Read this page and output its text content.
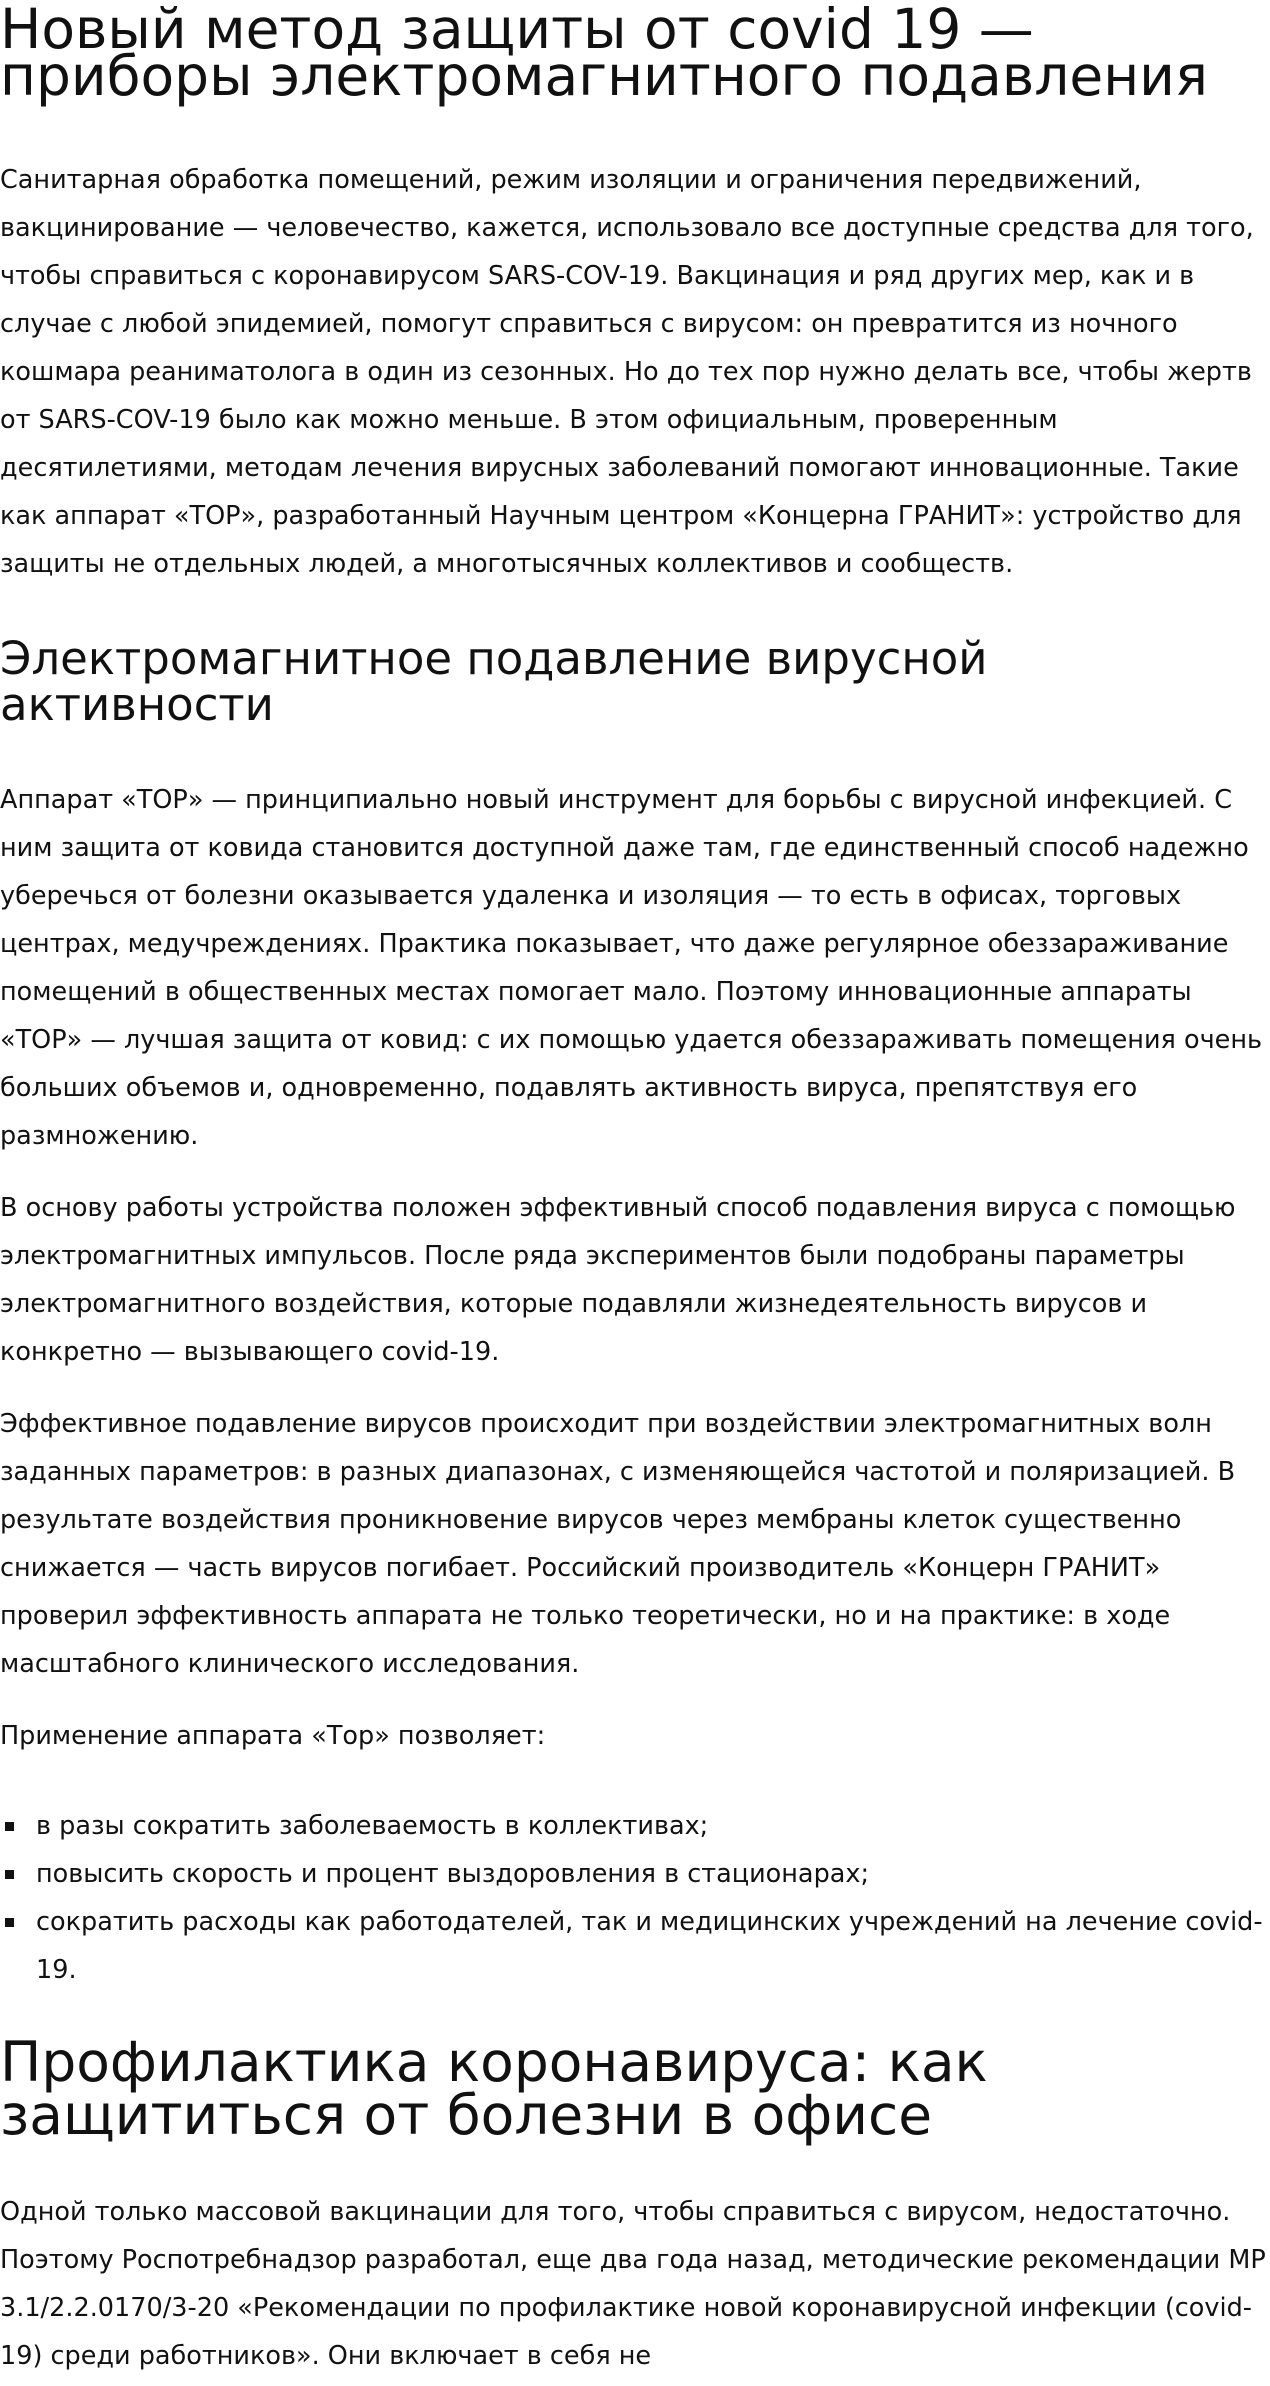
Новый метод защиты от covid 19 — приборы электромагнитного подавления

Санитарная обработка помещений, режим изоляции и ограничения передвижений, вакцинирование — человечество, кажется, использовало все доступные средства для того, чтобы справиться с коронавирусом SARS-COV-19. Вакцинация и ряд других мер, как и в случае с любой эпидемией, помогут справиться с вирусом: он превратится из ночного кошмара реаниматолога в один из сезонных. Но до тех пор нужно делать все, чтобы жертв от SARS-COV-19 было как можно меньше. В этом официальным, проверенным десятилетиями, методам лечения вирусных заболеваний помогают инновационные. Такие как аппарат «ТОР», разработанный Научным центром «Концерна ГРАНИТ»: устройство для защиты не отдельных людей, а многотысячных коллективов и сообществ.

Электромагнитное подавление вирусной активности

Аппарат «ТОР» — принципиально новый инструмент для борьбы с вирусной инфекцией. С ним защита от ковида становится доступной даже там, где единственный способ надежно уберечься от болезни оказывается удаленка и изоляция — то есть в офисах, торговых центрах, медучреждениях. Практика показывает, что даже регулярное обеззараживание помещений в общественных местах помогает мало. Поэтому инновационные аппараты «ТОР» — лучшая защита от ковид: с их помощью удается обеззараживать помещения очень больших объемов и, одновременно, подавлять активность вируса, препятствуя его размножению.

В основу работы устройства положен эффективный способ подавления вируса с помощью электромагнитных импульсов. После ряда экспериментов были подобраны параметры электромагнитного воздействия, которые подавляли жизнедеятельность вирусов и конкретно — вызывающего covid-19.

Эффективное подавление вирусов происходит при воздействии электромагнитных волн заданных параметров: в разных диапазонах, с изменяющейся частотой и поляризацией. В результате воздействия проникновение вирусов через мембраны клеток существенно снижается — часть вирусов погибает. Российский производитель «Концерн ГРАНИТ» проверил эффективность аппарата не только теоретически, но и на практике: в ходе масштабного клинического исследования.

Применение аппарата «Тор» позволяет:

в разы сократить заболеваемость в коллективах;
повысить скорость и процент выздоровления в стационарах;
сократить расходы как работодателей, так и медицинских учреждений на лечение covid-19.
Профилактика коронавируса: как защититься от болезни в офисе

Одной только массовой вакцинации для того, чтобы справиться с вирусом, недостаточно. Поэтому Роспотребнадзор разработал, еще два года назад, методические рекомендации МР 3.1/2.2.0170/3-20 «Рекомендации по профилактике новой коронавирусной инфекции (covid-19) среди работников». Они включает в себя не
